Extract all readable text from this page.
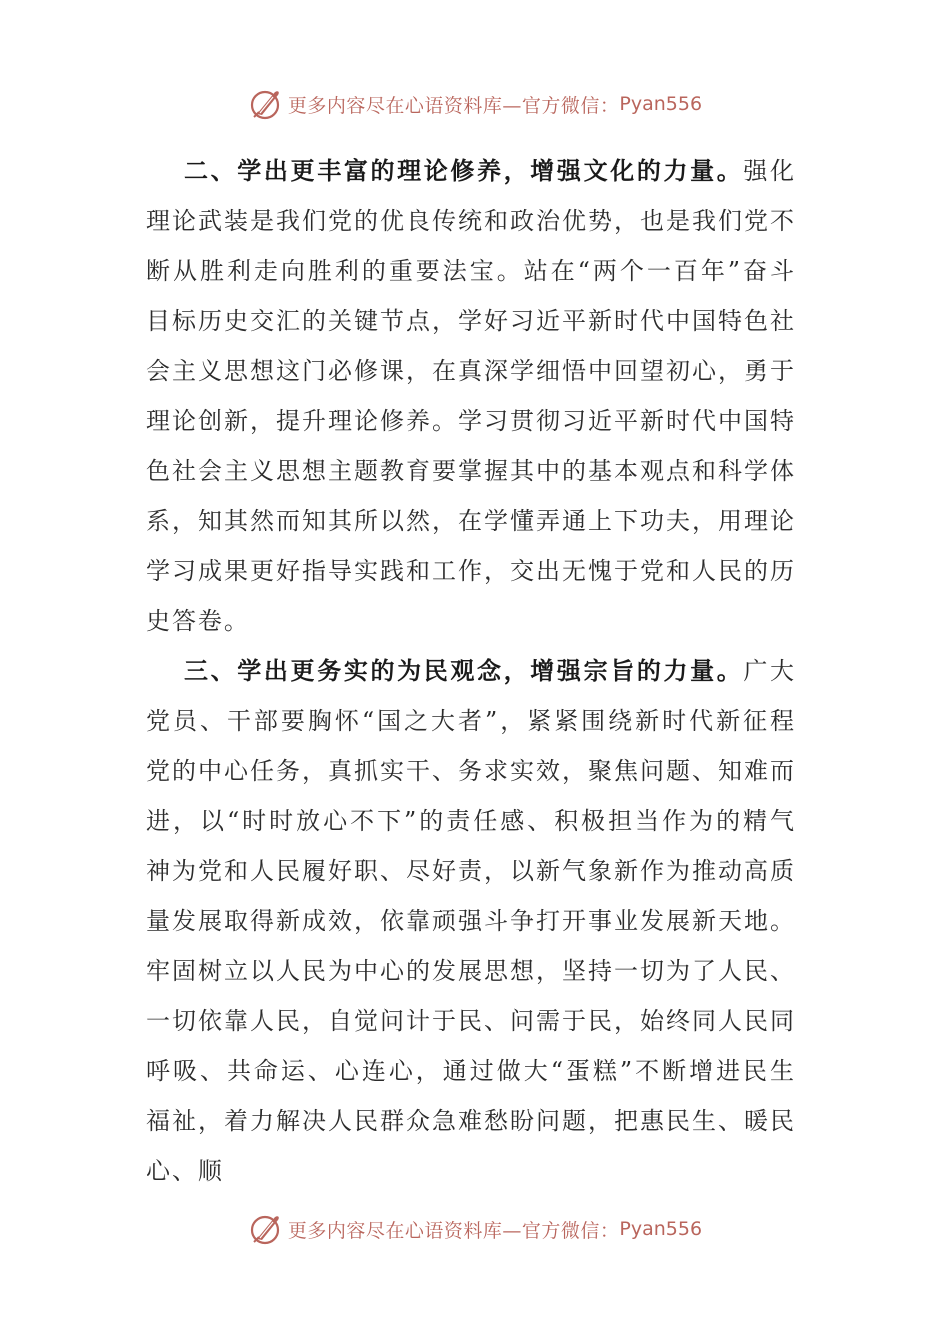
更多内容尽在心语资料库—官方微信： Pyan556

二、学出更丰富的理论修养，增强文化的力量。强化理论武装是我们党的优良传统和政治优势，也是我们党不断从胜利走向胜利的重要法宝。站在“两个一百年”奋斗目标历史交汇的关键节点，学好习近平新时代中国特色社会主义思想这门必修课，在真深学细悟中回望初心，勇于理论创新，提升理论修养。学习贯彻习近平新时代中国特色社会主义思想主题教育要掌握其中的基本观点和科学体系，知其然而知其所以然，在学懂弄通上下功夫，用理论学习成果更好指导实践和工作，交出无愧于党和人民的历史答卷。

三、学出更务实的为民观念，增强宗旨的力量。广大党员、干部要胸怀“国之大者”，紧紧围绕新时代新征程党的中心任务，真抓实干、务求实效，聚焦问题、知难而进，以“时时放心不下”的责任感、积极担当作为的精气神为党和人民履好职、尽好责，以新气象新作为推动高质量发展取得新成效，依靠顽强斗争打开事业发展新天地。牢固树立以人民为中心的发展思想，坚持一切为了人民、一切依靠人民，自觉问计于民、问需于民，始终同人民同呼吸、共命运、心连心，通过做大“蛋糕”不断增进民生福祉，着力解决人民群众急难愁盼问题，把惠民生、暖民心、顺

更多内容尽在心语资料库—官方微信： Pyan556
